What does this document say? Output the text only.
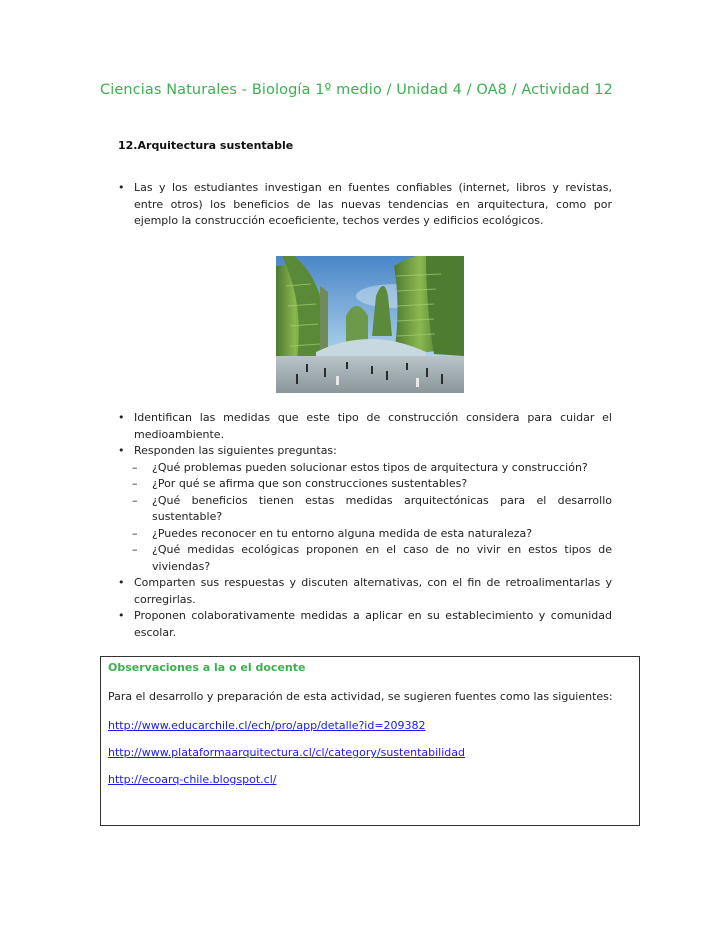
Ciencias Naturales - Biología 1º medio / Unidad 4 / OA8 / Actividad 12
12.Arquitectura sustentable
• Las y los estudiantes investigan en fuentes confiables (internet, libros y revistas, entre otros) los beneficios de las nuevas tendencias en arquitectura, como por ejemplo la construcción ecoeficiente, techos verdes y edificios ecológicos.
• Identifican las medidas que este tipo de construcción considera para cuidar el medioambiente.
• Responden las siguientes preguntas:
– ¿Qué problemas pueden solucionar estos tipos de arquitectura y construcción?
– ¿Por qué se afirma que son construcciones sustentables?
– ¿Qué beneficios tienen estas medidas arquitectónicas para el desarrollo sustentable?
– ¿Puedes reconocer en tu entorno alguna medida de esta naturaleza?
– ¿Qué medidas ecológicas proponen en el caso de no vivir en estos tipos de viviendas?
• Comparten sus respuestas y discuten alternativas, con el fin de retroalimentarlas y corregirlas.
• Proponen colaborativamente medidas a aplicar en su establecimiento y comunidad escolar.
Observaciones a la o el docente
Para el desarrollo y preparación de esta actividad, se sugieren fuentes como las siguientes:
http://www.educarchile.cl/ech/pro/app/detalle?id=209382
http://www.plataformaarquitectura.cl/cl/category/sustentabilidad
http://ecoarq-chile.blogspot.cl/
